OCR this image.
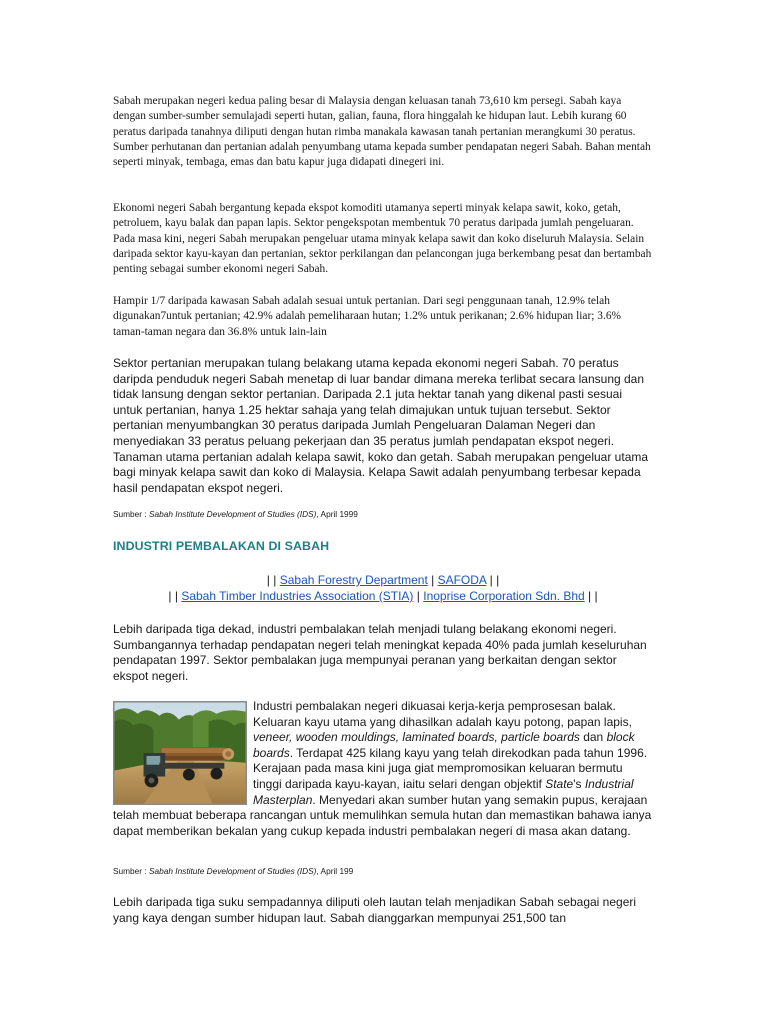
Sabah merupakan negeri kedua paling besar di Malaysia dengan keluasan tanah 73,610 km persegi. Sabah kaya dengan sumber-sumber semulajadi seperti hutan, galian, fauna, flora hinggalah ke hidupan laut. Lebih kurang 60 peratus daripada tanahnya diliputi dengan hutan rimba manakala kawasan tanah pertanian merangkumi 30 peratus. Sumber perhutanan dan pertanian adalah penyumbang utama kepada sumber pendapatan negeri Sabah. Bahan mentah seperti minyak, tembaga, emas dan batu kapur juga didapati dinegeri ini.

Ekonomi negeri Sabah bergantung kepada ekspot komoditi utamanya seperti minyak kelapa sawit, koko, getah, petroluem, kayu balak dan papan lapis. Sektor pengekspotan membentuk 70 peratus daripada jumlah pengeluaran. Pada masa kini, negeri Sabah merupakan pengeluar utama minyak kelapa sawit dan koko diseluruh Malaysia. Selain daripada sektor kayu-kayan dan pertanian, sektor perkilangan dan pelancongan juga berkembang pesat dan bertambah penting sebagai sumber ekonomi negeri Sabah.

Hampir 1/7 daripada kawasan Sabah adalah sesuai untuk pertanian. Dari segi penggunaan tanah, 12.9% telah digunakan7untuk pertanian; 42.9% adalah pemeliharaan hutan; 1.2% untuk perikanan; 2.6% hidupan liar; 3.6% taman-taman negara dan 36.8% untuk lain-lain

Sektor pertanian merupakan tulang belakang utama kepada ekonomi negeri Sabah. 70 peratus daripda penduduk negeri Sabah menetap di luar bandar dimana mereka terlibat secara lansung dan tidak lansung dengan sektor pertanian. Daripada 2.1 juta hektar tanah yang dikenal pasti sesuai untuk pertanian, hanya 1.25 hektar sahaja yang telah dimajukan untuk tujuan tersebut. Sektor pertanian menyumbangkan 30 peratus daripada Jumlah Pengeluaran Dalaman Negeri dan menyediakan 33 peratus peluang pekerjaan dan 35 peratus jumlah pendapatan ekspot negeri. Tanaman utama pertanian adalah kelapa sawit, koko dan getah. Sabah merupakan pengeluar utama bagi minyak kelapa sawit dan koko di Malaysia. Kelapa Sawit adalah penyumbang terbesar kepada hasil pendapatan ekspot negeri.

Sumber : Sabah Institute Development of Studies (IDS), April 1999
INDUSTRI PEMBALAKAN DI SABAH
| | Sabah Forestry Department | SAFODA | |
| | Sabah Timber Industries Association (STIA) | Inoprise Corporation Sdn. Bhd | |

Lebih daripada tiga dekad, industri pembalakan telah menjadi tulang belakang ekonomi negeri. Sumbangannya terhadap pendapatan negeri telah meningkat kepada 40% pada jumlah keseluruhan pendapatan 1997. Sektor pembalakan juga mempunyai peranan yang berkaitan dengan sektor ekspot negeri.

Industri pembalakan negeri dikuasai kerja-kerja pemprosesan balak. Keluaran kayu utama yang dihasilkan adalah kayu potong, papan lapis, veneer, wooden mouldings, laminated boards, particle boards dan block boards. Terdapat 425 kilang kayu yang telah direkodkan pada tahun 1996. Kerajaan pada masa kini juga giat mempromosikan keluaran bermutu tinggi daripada kayu-kayan, iaitu selari dengan objektif State's Industrial Masterplan. Menyedari akan sumber hutan yang semakin pupus, kerajaan telah membuat beberapa rancangan untuk memulihkan semula hutan dan memastikan bahawa ianya dapat memberikan bekalan yang cukup kepada industri pembalakan negeri di masa akan datang.
Sumber : Sabah Institute Development of Studies (IDS), April 199

Lebih daripada tiga suku sempadannya diliputi oleh lautan telah menjadikan Sabah sebagai negeri yang kaya dengan sumber hidupan laut. Sabah dianggarkan mempunyai 251,500 tan
